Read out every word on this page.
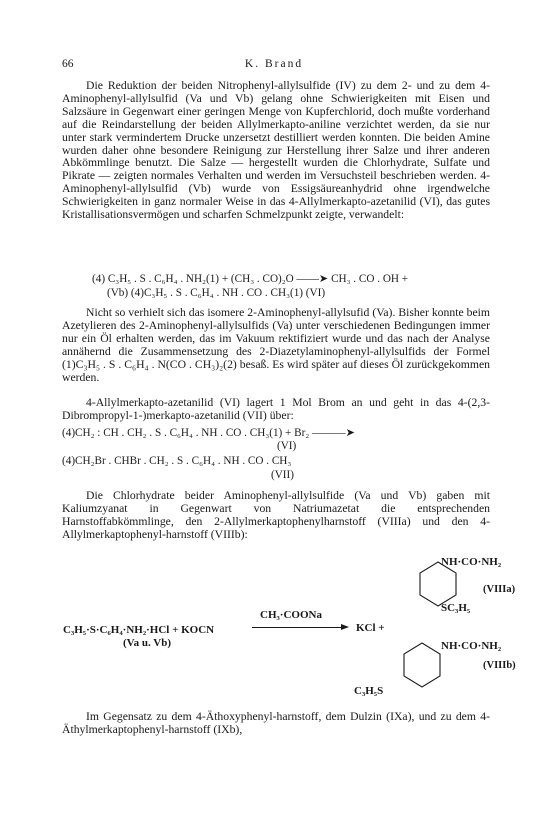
66	K. Brand

Die Reduktion der beiden Nitrophenyl‑allylsulfide (IV) zu dem 2- und zu dem 4-Aminophenyl-allylsulfid (Va und Vb) gelang ohne Schwierigkeiten mit Eisen und Salzsäure in Gegenwart einer geringen Menge von Kupferchlorid, doch mußte vorderhand auf die Reindarstellung der beiden Allylmerkapto-aniline verzichtet werden, da sie nur unter stark vermindertem Drucke unzersetzt destilliert werden konnten. Die beiden Amine wurden daher ohne besondere Reinigung zur Herstellung ihrer Salze und ihrer anderen Abkömmlinge benutzt. Die Salze — hergestellt wurden die Chlorhydrate, Sulfate und Pikrate — zeigten normales Verhalten und werden im Versuchsteil beschrieben werden. 4-Aminophenyl-allylsulfid (Vb) wurde von Essigsäureanhydrid ohne irgendwelche Schwierigkeiten in ganz normaler Weise in das 4-Allylmerkapto-azetanilid (VI), das gutes Kristallisationsvermögen und scharfen Schmelzpunkt zeigte, verwandelt:

(4) C₃H₅ . S . C₆H₄ . NH₂(1) + (CH₃ . CO)₂O ——➤ CH₃ . CO . OH +

(Vb) (4)C₃H₅ . S . C₆H₄ . NH . CO . CH₃(1) (VI)

Nicht so verhielt sich das isomere 2-Aminophenyl-allylsufid (Va). Bisher konnte beim Azetylieren des 2-Aminophenyl-allylsulfids (Va) unter verschiedenen Bedingungen immer nur ein Öl erhalten werden, das im Vakuum rektifiziert wurde und das nach der Analyse annähernd die Zusammensetzung des 2-Diazetylaminophenyl-allylsulfids der Formel (1)C₃H₅ . S . C₆H₄ . N(CO . CH₃)₂(2) besaß. Es wird später auf dieses Öl zurückgekommen werden.

4-Allylmerkapto-azetanilid (VI) lagert 1 Mol Brom an und geht in das 4-(2,3-Dibrompropyl-1-)merkapto-azetanilid (VII) über:

(4)CH₂ : CH . CH₂ . S . C₆H₄ . NH . CO . CH₃(1) + Br₂ ———➤

(VI)

(4)CH₂Br . CHBr . CH₂ . S . C₆H₄ . NH . CO . CH₃

(VII)

Die Chlorhydrate beider Aminophenyl-allylsulfide (Va und Vb) gaben mit Kaliumzyanat in Gegenwart von Natriumazetat die entsprechenden Harnstoffabkömmlinge, den 2-Allylmerkaptophenylharnstoff (VIIIa) und den 4-Allylmerkaptophenyl-harnstoff (VIIIb):

NH·CO·NH₂
(VIIIa)
SC₃H₅
C₃H₅·S·C₆H₄·NH₂·HCl + KOCN
(Va u. Vb)
CH₃·COONa
KCl +
NH·CO·NH₂
(VIIIb)
C₃H₅S

Im Gegensatz zu dem 4-Äthoxyphenyl-harnstoff, dem Dulzin (IXa), und zu dem 4-Äthylmerkaptophenyl-harnstoff (IXb),
